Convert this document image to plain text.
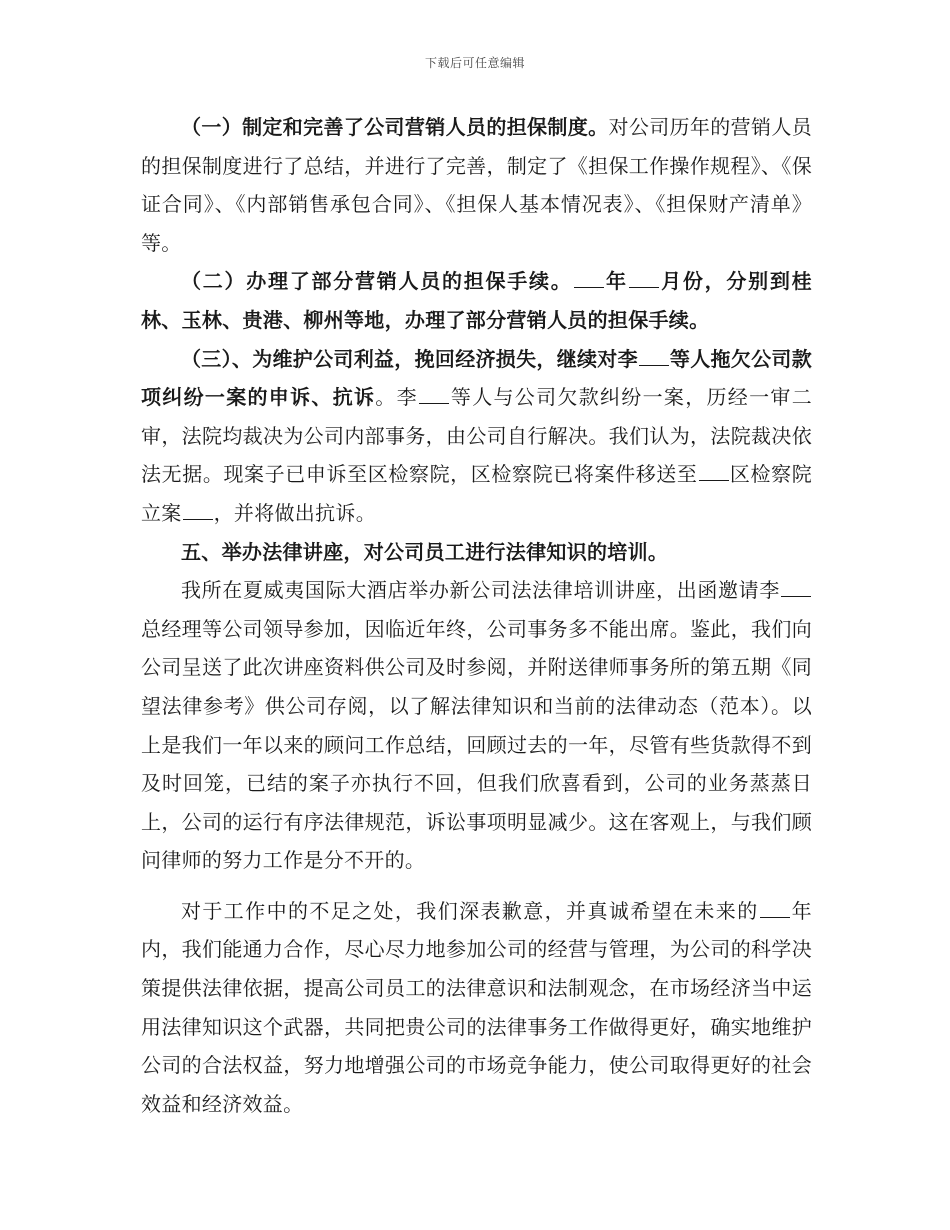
下载后可任意编辑

（一）制定和完善了公司营销人员的担保制度。对公司历年的营销人员的担保制度进行了总结，并进行了完善，制定了《担保工作操作规程》、《保证合同》、《内部销售承包合同》、《担保人基本情况表》、《担保财产清单》等。

（二）办理了部分营销人员的担保手续。 年 月份，分别到桂林、玉林、贵港、柳州等地，办理了部分营销人员的担保手续。

（三）、为维护公司利益，挽回经济损失，继续对李 等人拖欠公司款项纠纷一案的申诉、抗诉。李 等人与公司欠款纠纷一案，历经一审二审，法院均裁决为公司内部事务，由公司自行解决。我们认为，法院裁决依法无据。现案子已申诉至区检察院，区检察院已将案件移送至 区检察院立案 ，并将做出抗诉。

五、举办法律讲座，对公司员工进行法律知识的培训。

我所在夏威夷国际大酒店举办新公司法法律培训讲座，出函邀请李总经理等公司领导参加，因临近年终，公司事务多不能出席。鉴此，我们向公司呈送了此次讲座资料供公司及时参阅，并附送律师事务所的第五期《同望法律参考》供公司存阅，以了解法律知识和当前的法律动态（范本）。以上是我们一年以来的顾问工作总结，回顾过去的一年，尽管有些货款得不到及时回笼，已结的案子亦执行不回，但我们欣喜看到，公司的业务蒸蒸日上，公司的运行有序法律规范，诉讼事项明显减少。这在客观上，与我们顾问律师的努力工作是分不开的。

对于工作中的不足之处，我们深表歉意，并真诚希望在未来的 年内，我们能通力合作，尽心尽力地参加公司的经营与管理，为公司的科学决策提供法律依据，提高公司员工的法律意识和法制观念，在市场经济当中运用法律知识这个武器，共同把贵公司的法律事务工作做得更好，确实地维护公司的合法权益，努力地增强公司的市场竞争能力，使公司取得更好的社会效益和经济效益。
